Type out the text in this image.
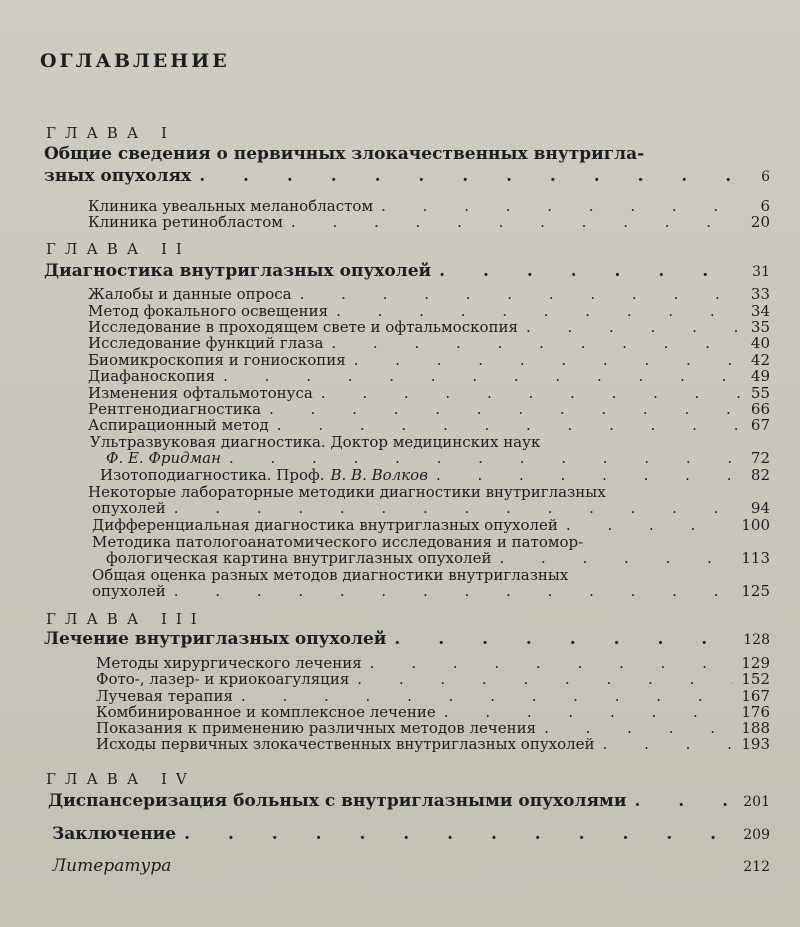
ОГЛАВЛЕНИЕ
ГЛАВА I
Общие сведения о первичных злокачественных внутригла-
зных опухолях . . .	6
Клиника увеальных меланобластом . . .	6
Клиника ретинобластом . . .	20
ГЛАВА II
Диагностика внутриглазных опухолей . . .	31
Жалобы и данные опроса . . .	33
Метод фокального освещения . . .	34
Исследование в проходящем свете и офтальмоскопия . . .	35
Исследование функций глаза . . .	40
Биомикроскопия и гониоскопия . . .	42
Диафаноскопия . . .	49
Изменения офтальмотонуса . . .	55
Рентгенодиагностика . . .	66
Аспирационный метод . . .	67
Ультразвуковая диагностика. Доктор медицинских наук
Ф. Е. Фридман . . .	72
Изотоподиагностика. Проф. В. В. Волков . . .	82
Некоторые лабораторные методики диагностики внутриглазных
опухолей . . .	94
Дифференциальная диагностика внутриглазных опухолей . . .	100
Методика патологоанатомического исследования и патомор-
фологическая картина внутриглазных опухолей . . .	113
Общая оценка разных методов диагностики внутриглазных
опухолей . . .	125
ГЛАВА III
Лечение внутриглазных опухолей . . .	128
Методы хирургического лечения . . .	129
Фото-, лазер- и криокоагуляция . . .	152
Лучевая терапия . . .	167
Комбинированное и комплексное лечение . . .	176
Показания к применению различных методов лечения . . .	188
Исходы первичных злокачественных внутриглазных опухолей . . .	193
ГЛАВА IV
Диспансеризация больных с внутриглазными опухолями . . .	201
Заключение . . .	209
Литература	212
